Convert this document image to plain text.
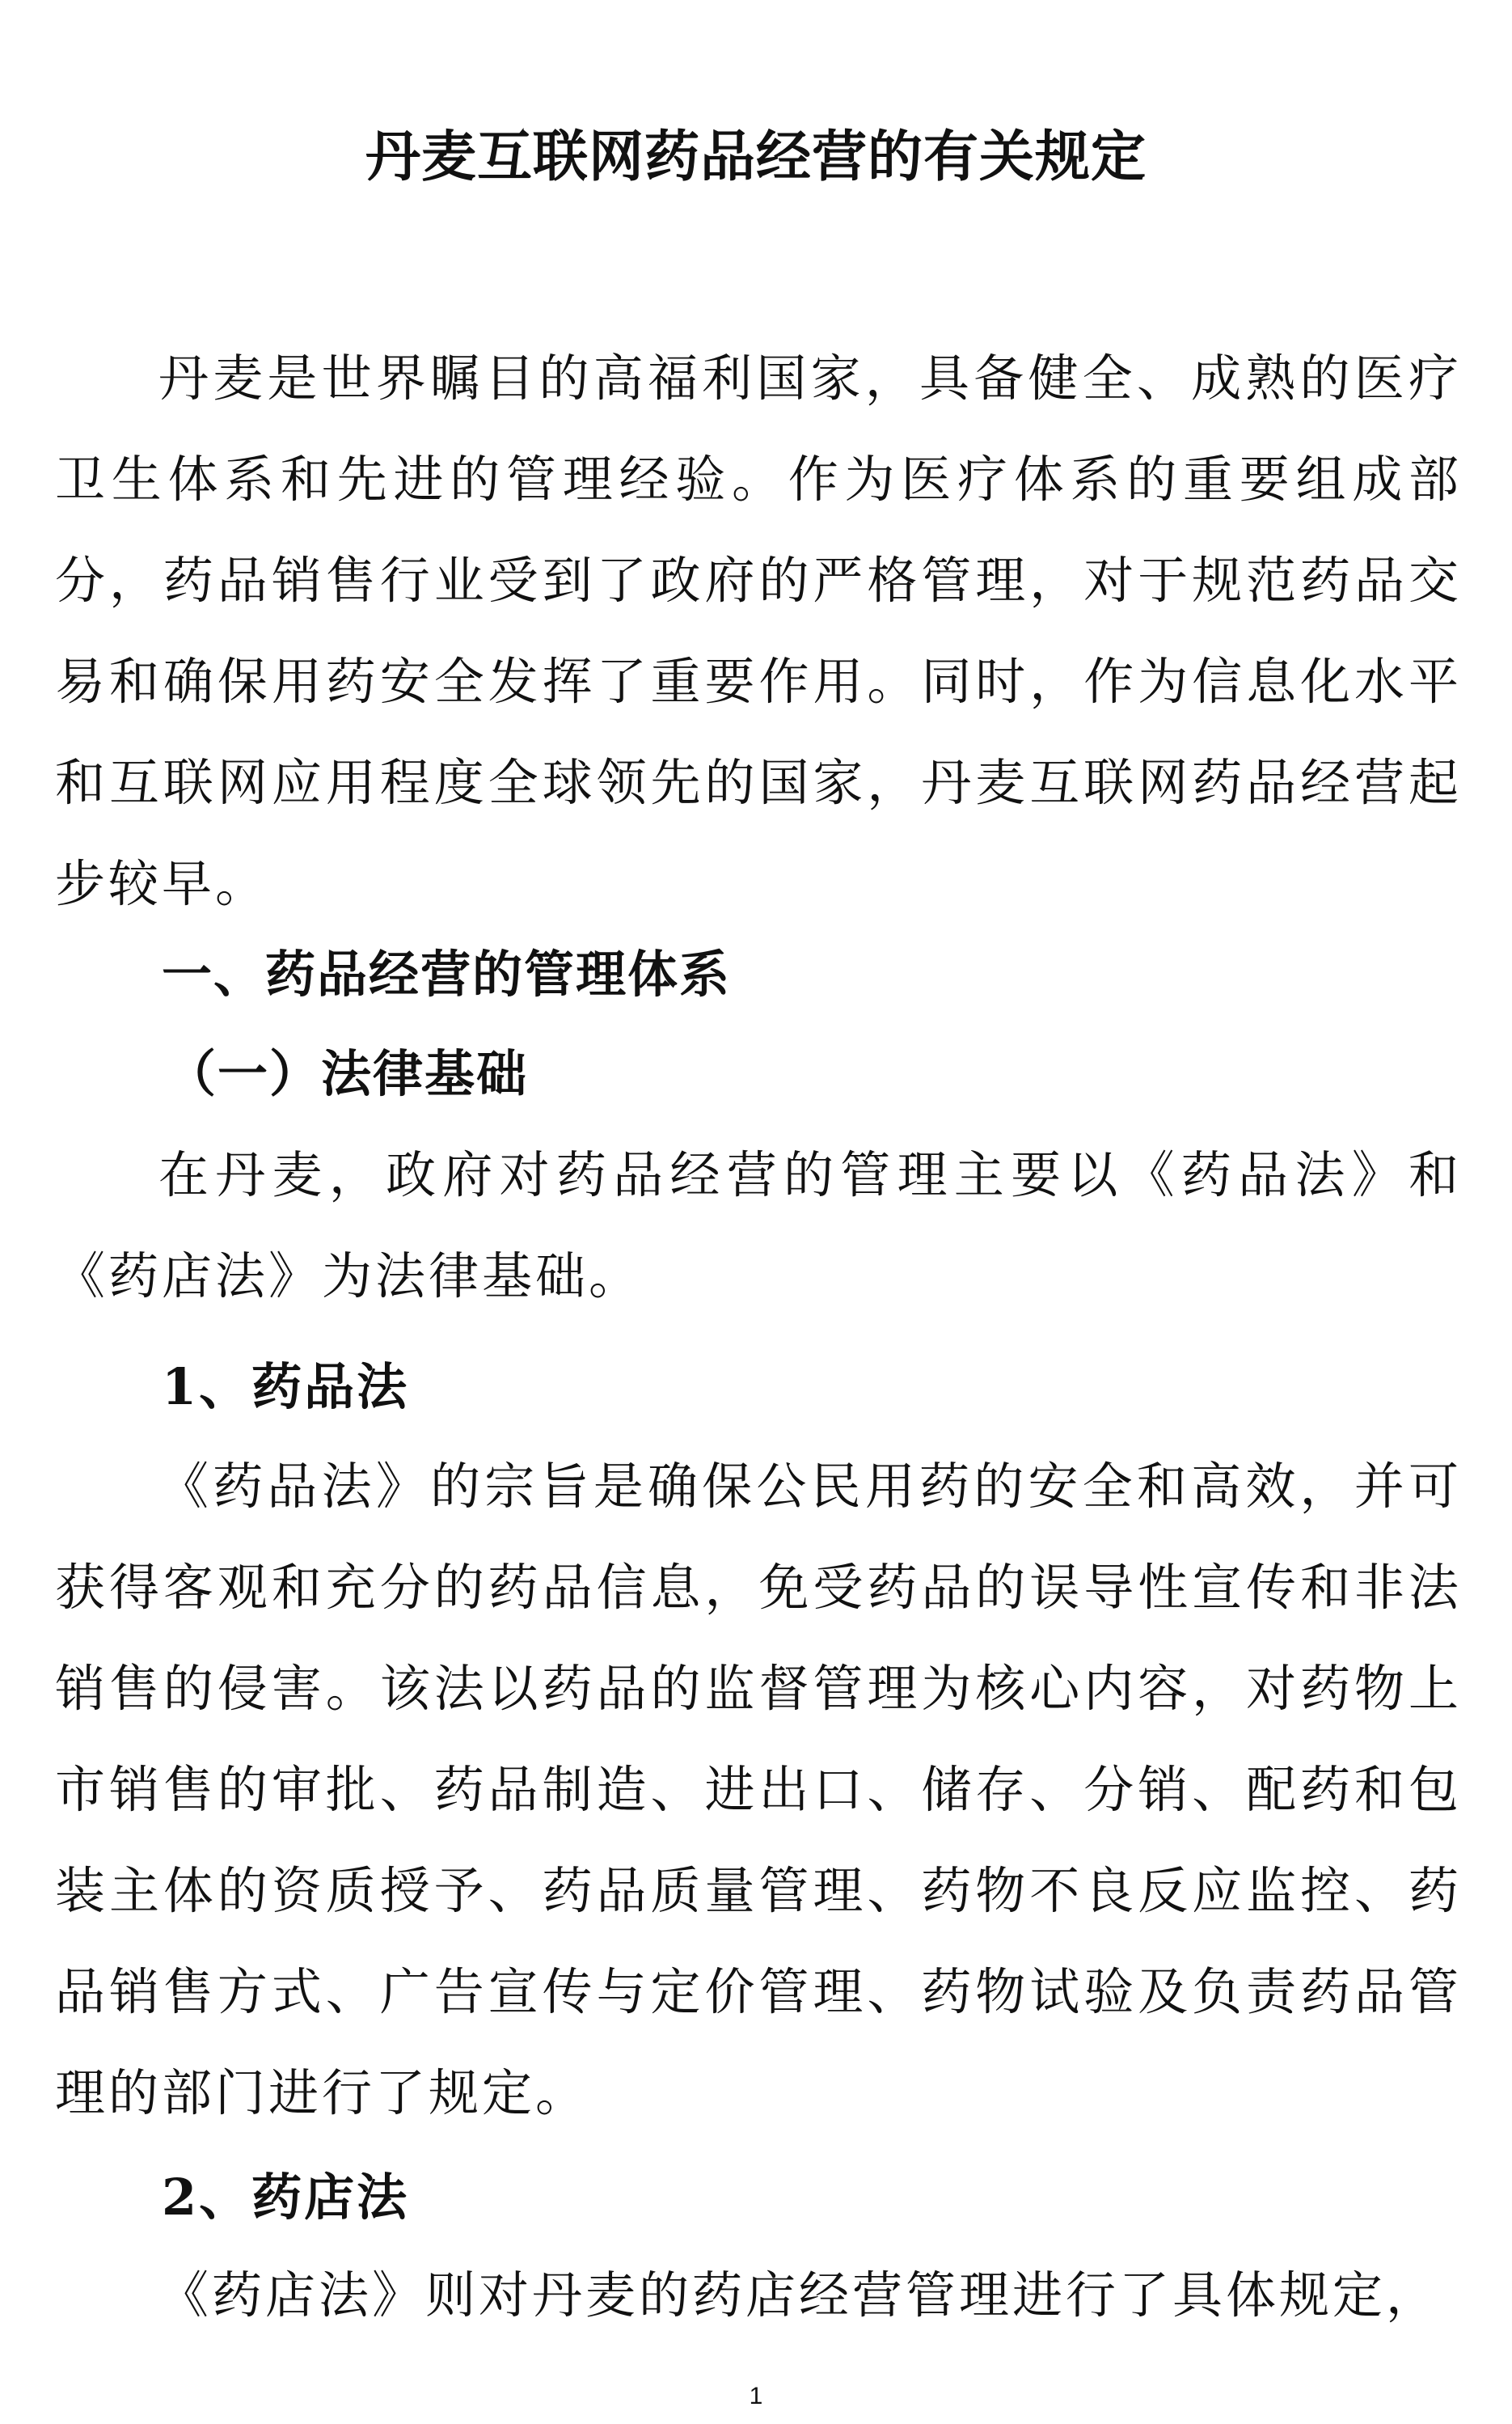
丹麦互联网药品经营的有关规定

丹麦是世界瞩目的高福利国家，具备健全、成熟的医疗卫生体系和先进的管理经验。作为医疗体系的重要组成部分，药品销售行业受到了政府的严格管理，对于规范药品交易和确保用药安全发挥了重要作用。同时，作为信息化水平和互联网应用程度全球领先的国家，丹麦互联网药品经营起步较早。

一、药品经营的管理体系
（一）法律基础

在丹麦，政府对药品经营的管理主要以《药品法》和《药店法》为法律基础。

1、药品法

《药品法》的宗旨是确保公民用药的安全和高效，并可获得客观和充分的药品信息，免受药品的误导性宣传和非法销售的侵害。该法以药品的监督管理为核心内容，对药物上市销售的审批、药品制造、进出口、储存、分销、配药和包装主体的资质授予、药品质量管理、药物不良反应监控、药品销售方式、广告宣传与定价管理、药物试验及负责药品管理的部门进行了规定。

2、药店法

《药店法》则对丹麦的药店经营管理进行了具体规定，

1
